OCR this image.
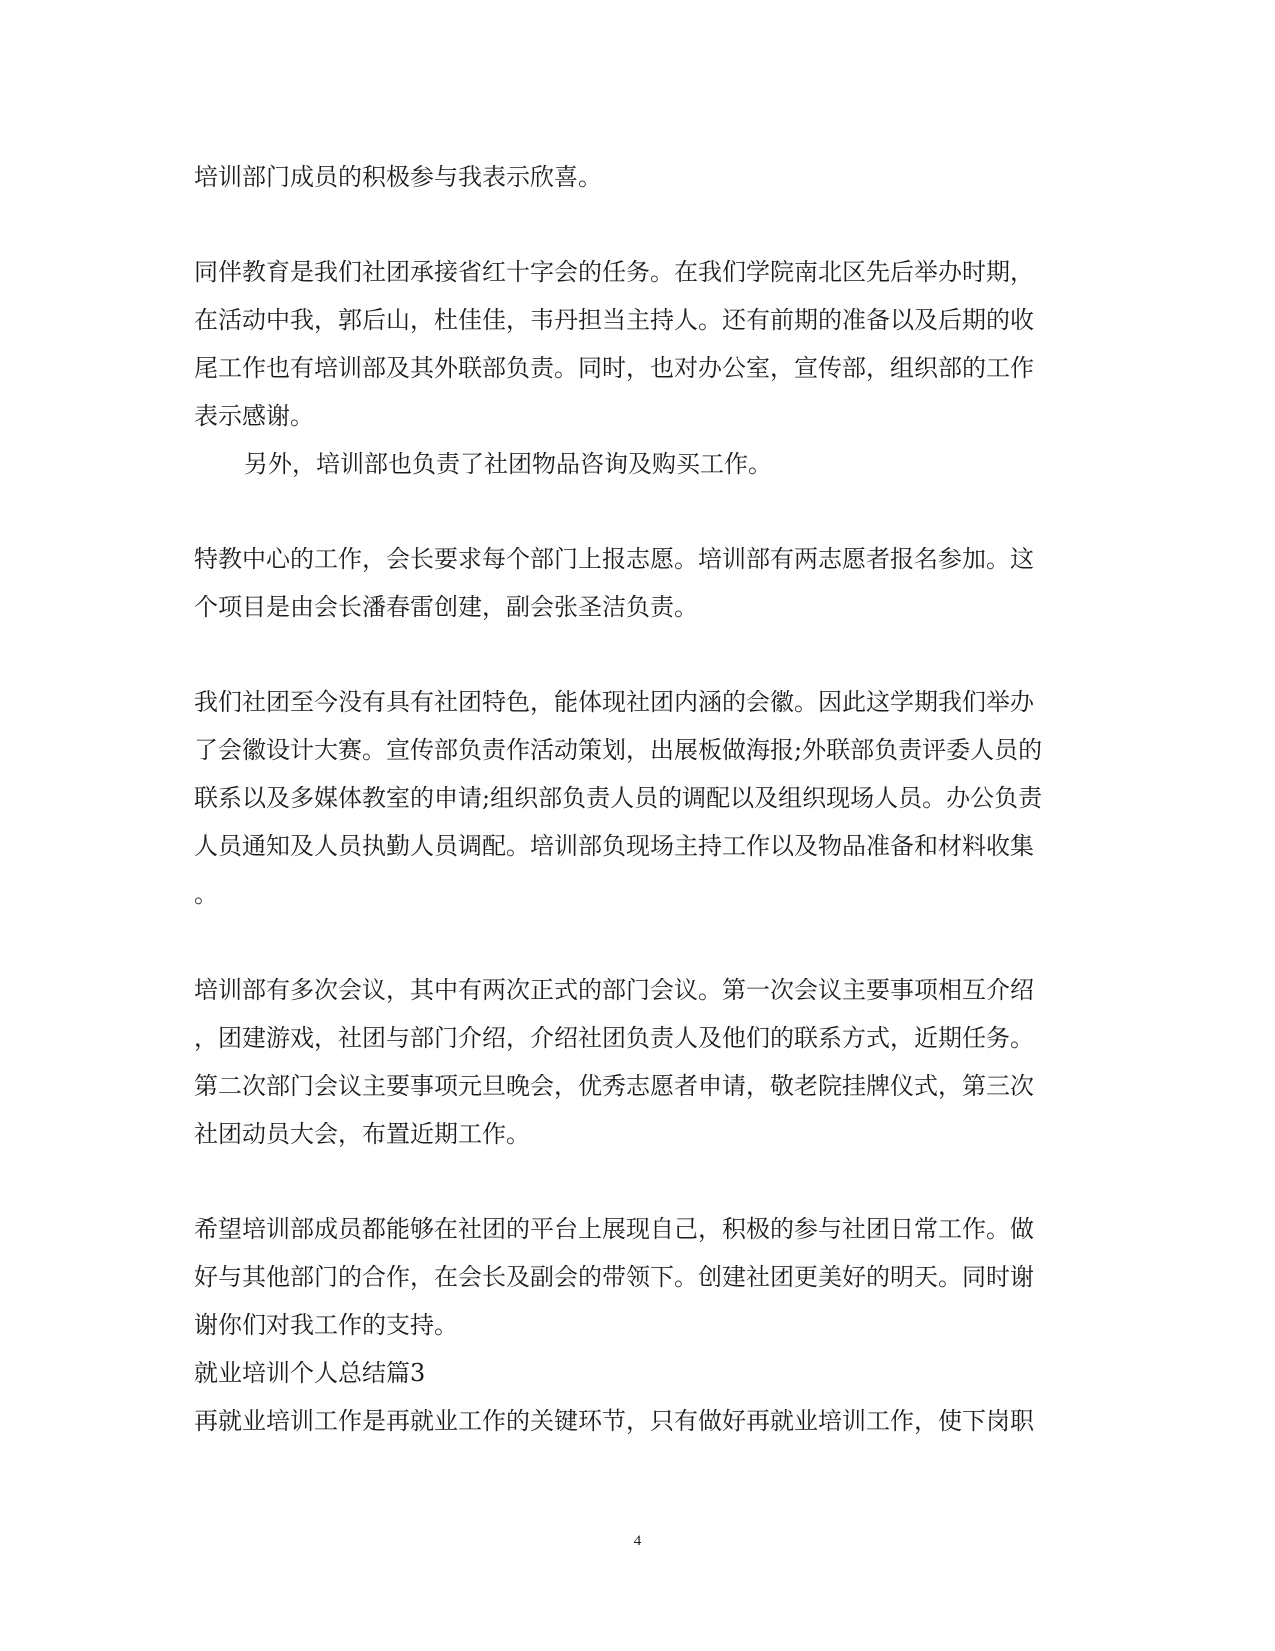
培训部门成员的积极参与我表示欣喜。
同伴教育是我们社团承接省红十字会的任务。在我们学院南北区先后举办时期，
在活动中我，郭后山，杜佳佳，韦丹担当主持人。还有前期的准备以及后期的收
尾工作也有培训部及其外联部负责。同时，也对办公室，宣传部，组织部的工作
表示感谢。
另外，培训部也负责了社团物品咨询及购买工作。
特教中心的工作，会长要求每个部门上报志愿。培训部有两志愿者报名参加。这
个项目是由会长潘春雷创建，副会张圣洁负责。
我们社团至今没有具有社团特色，能体现社团内涵的会徽。因此这学期我们举办
了会徽设计大赛。宣传部负责作活动策划，出展板做海报;外联部负责评委人员的
联系以及多媒体教室的申请;组织部负责人员的调配以及组织现场人员。办公负责
人员通知及人员执勤人员调配。培训部负现场主持工作以及物品准备和材料收集
。
培训部有多次会议，其中有两次正式的部门会议。第一次会议主要事项相互介绍
，团建游戏，社团与部门介绍，介绍社团负责人及他们的联系方式，近期任务。
第二次部门会议主要事项元旦晚会，优秀志愿者申请，敬老院挂牌仪式，第三次
社团动员大会，布置近期工作。
希望培训部成员都能够在社团的平台上展现自己，积极的参与社团日常工作。做
好与其他部门的合作，在会长及副会的带领下。创建社团更美好的明天。同时谢
谢你们对我工作的支持。
就业培训个人总结篇3
再就业培训工作是再就业工作的关键环节，只有做好再就业培训工作，使下岗职
4
